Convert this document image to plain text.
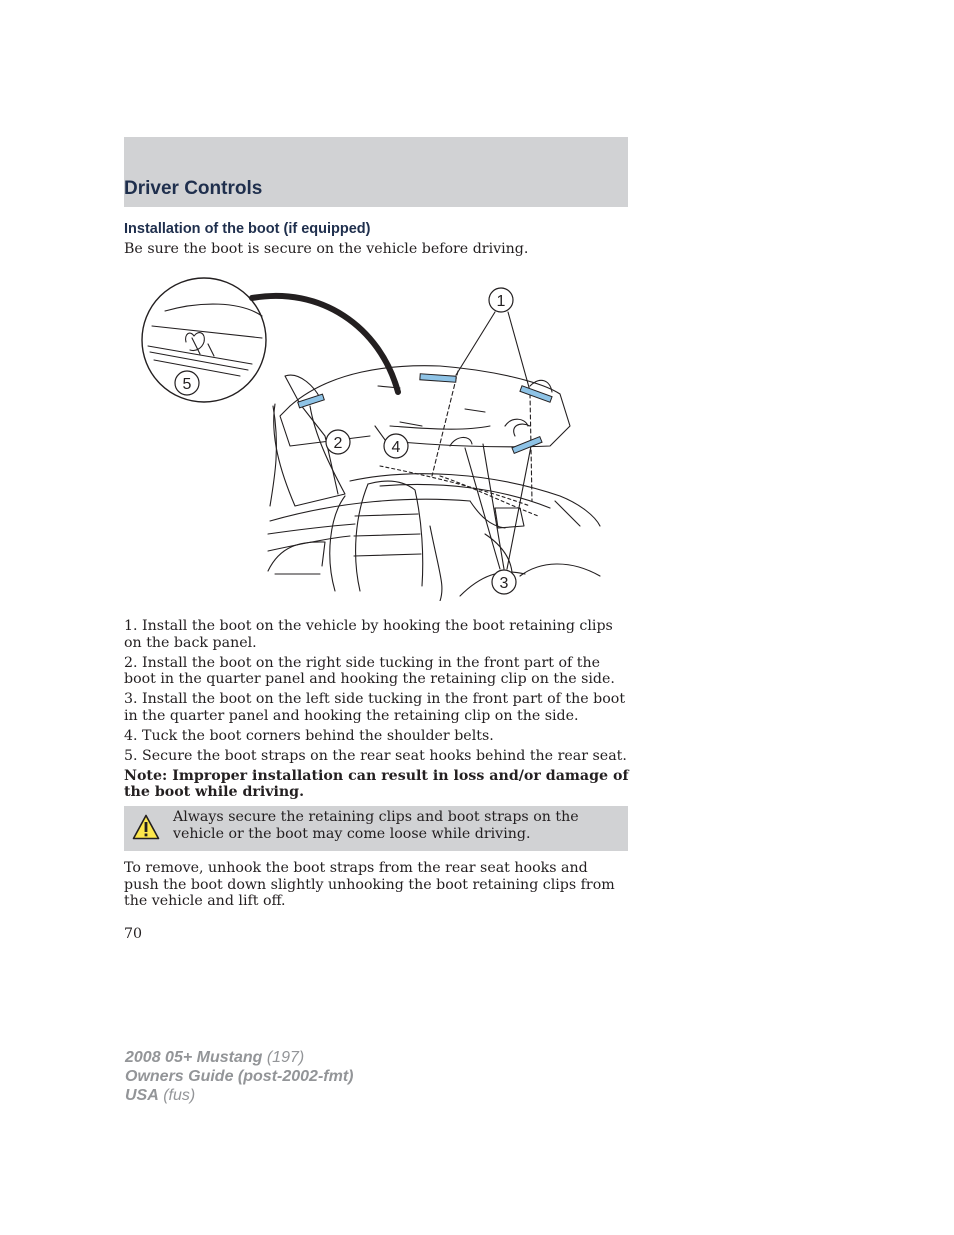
Driver Controls
Installation of the boot (if equipped)
Be sure the boot is secure on the vehicle before driving.
1
2
3
4
5

1. Install the boot on the vehicle by hooking the boot retaining clips on the back panel.

2. Install the boot on the right side tucking in the front part of the boot in the quarter panel and hooking the retaining clip on the side.

3. Install the boot on the left side tucking in the front part of the boot in the quarter panel and hooking the retaining clip on the side.

4. Tuck the boot corners behind the shoulder belts.

5. Secure the boot straps on the rear seat hooks behind the rear seat.

Note: Improper installation can result in loss and/or damage of the boot while driving.

Always secure the retaining clips and boot straps on the vehicle or the boot may come loose while driving.
To remove, unhook the boot straps from the rear seat hooks and push the boot down slightly unhooking the boot retaining clips from the vehicle and lift off.
70
2008 05+ Mustang (197)
Owners Guide (post-2002-fmt)
USA (fus)
